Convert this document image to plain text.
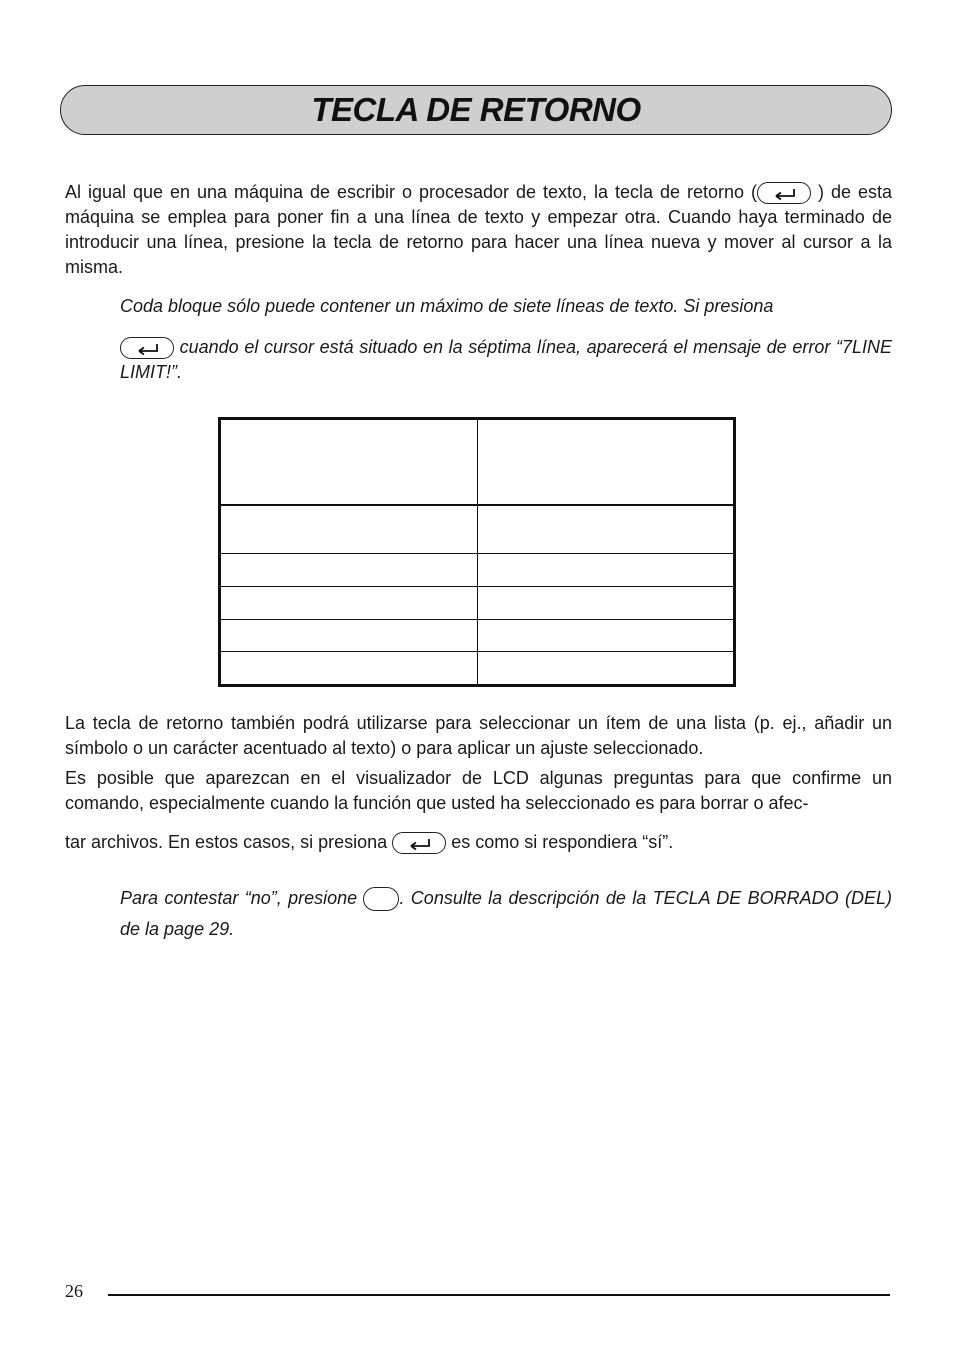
TECLA DE RETORNO

Al igual que en una máquina de escribir o procesador de texto, la tecla de retorno (	) de esta máquina se emplea para poner fin a una línea de texto y empezar otra. Cuando haya terminado de introducir una línea, presione la tecla de retorno para hacer una línea nueva y mover al cursor a la misma.

Coda bloque sólo puede contener un máximo de siete líneas de texto. Si presiona

cuando el cursor está situado en la séptima línea, aparecerá el mensaje de error “7LINE LIMIT!”.

La tecla de retorno también podrá utilizarse para seleccionar un ítem de una lista (p. ej., añadir un símbolo o un carácter acentuado al texto) o para aplicar un ajuste seleccionado.

Es posible que aparezcan en el visualizador de LCD algunas preguntas para que confirme un comando, especialmente cuando la función que usted ha seleccionado es para borrar o afec-

tar archivos. En estos casos, si presiona	es como si respondiera “sí”.

Para contestar “no”, presione . Consulte la descripción de la TECLA DE BORRADO (DEL) de la page 29.

26
